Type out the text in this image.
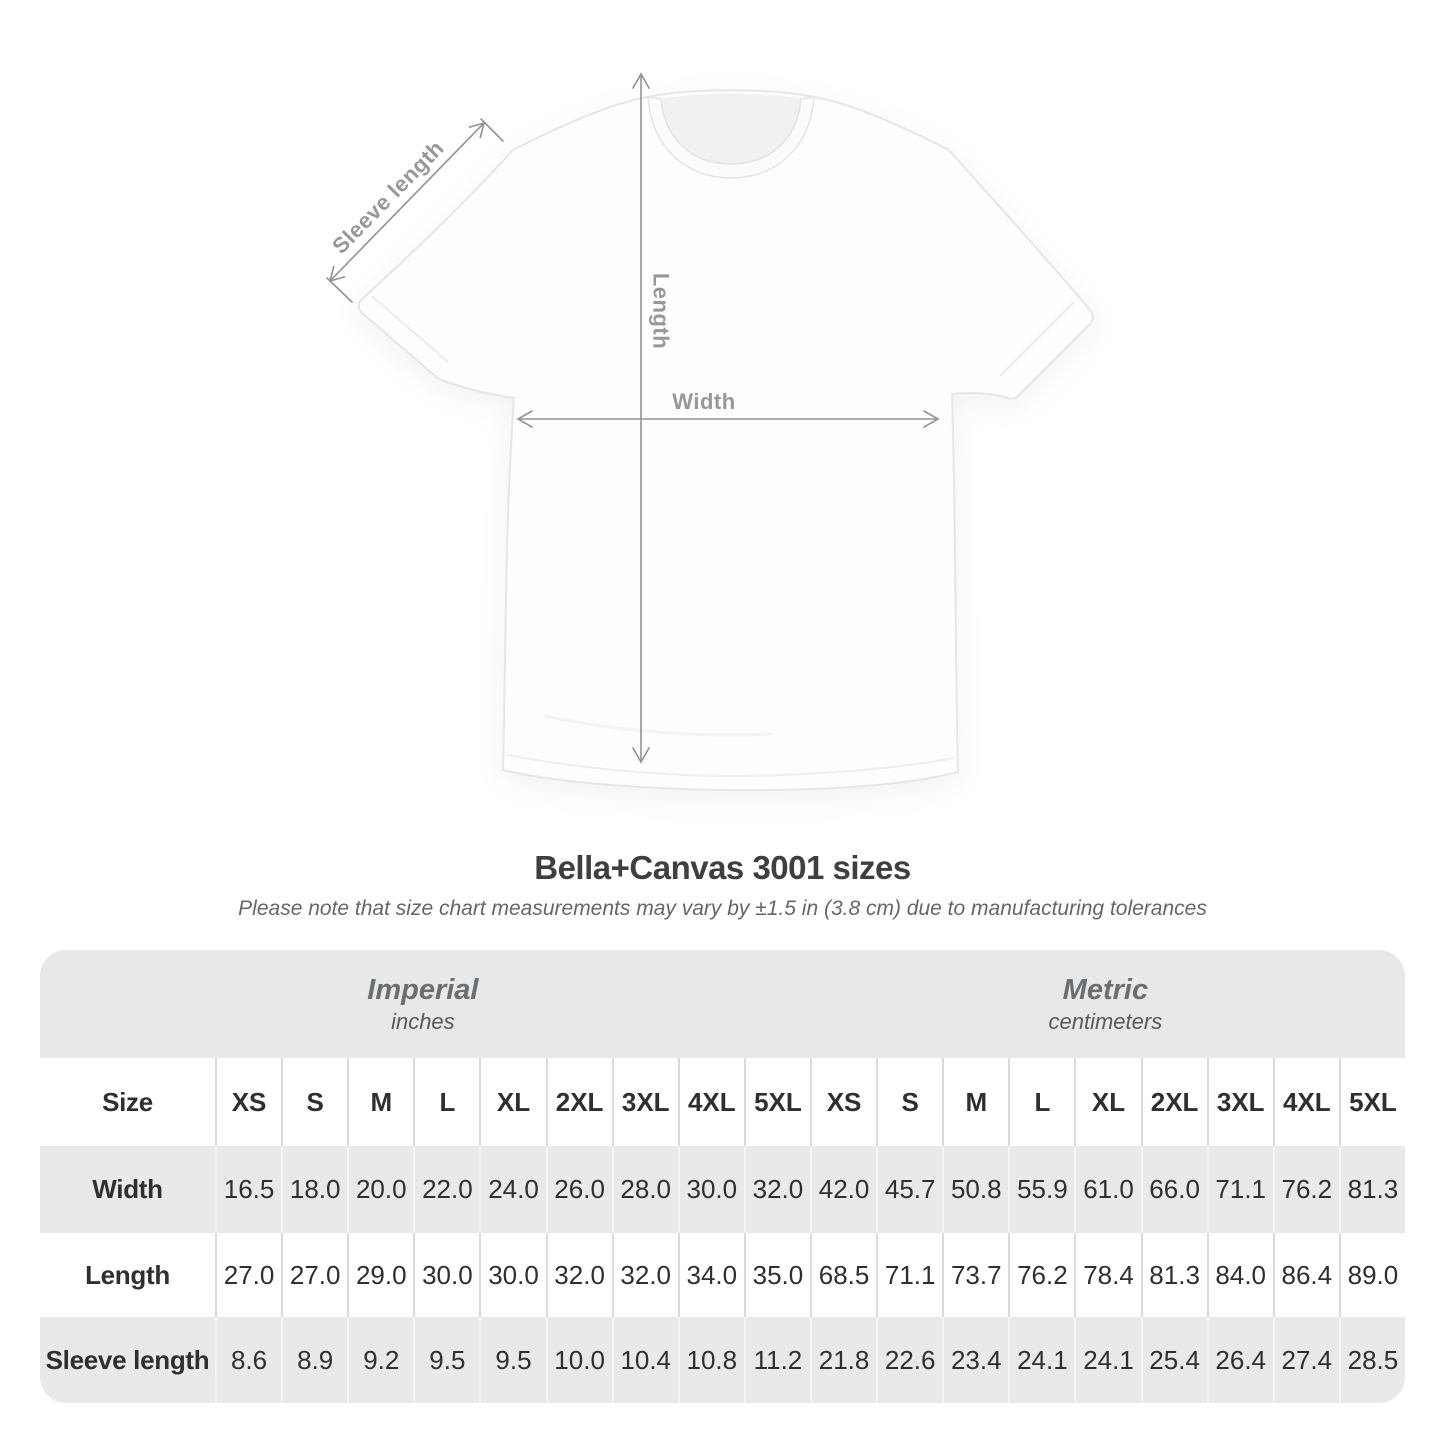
Sleeve length
Length
Width
Bella+Canvas 3001 sizes
Please note that size chart measurements may vary by ±1.5 in (3.8 cm) due to manufacturing tolerances
Imperial
inches
Metric
centimeters
Size	XS	S	M	L	XL 2XL 3XL 4XL 5XL XS	S	M	L	XL 2XL 3XL 4XL 5XL
Width	16.5 18.0 20.0 22.0 24.0 26.0 28.0 30.0 32.0 42.0 45.7 50.8 55.9 61.0 66.0 71.1 76.2 81.3
Length	27.0 27.0 29.0 30.0 30.0 32.0 32.0 34.0 35.0 68.5 71.1 73.7 76.2 78.4 81.3 84.0 86.4 89.0
Sleeve length 8.6	8.9	9.2	9.5	9.5 10.0 10.4 10.8 11.2 21.8 22.6 23.4 24.1 24.1 25.4 26.4 27.4 28.5
